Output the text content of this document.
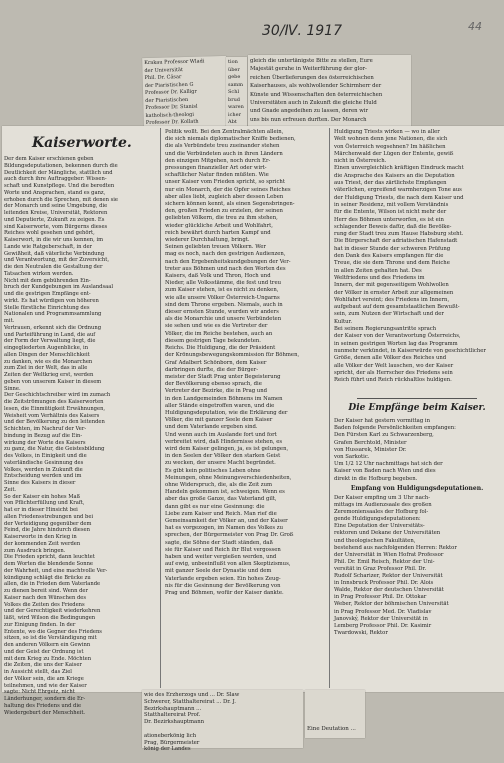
30/Ⅳ. 1917	44
Krakau Professor Wladi
der Universität
Phil. Dr. Cäsar
der Piaristischen G
Professor Dr. Kalligr
der Piaristischen
Professor Dr. Stanisl
katholisch-theologi
Professor Dr. Kollath
tion
über
gebe
samm
Schl
brud
waren
icher
Abt
gleich die untertänigste Bitte zu stellen, Eure
Majestät geruhe in Weiterführung der glor-
reichen Überlieferungen des österreichischen
Kaiserhauses, als wohlwollender Schirmherr der
Künste und Wissenschaften den österreichischen
Universitäten auch in Zukunft die gleiche Huld
und Gnade angedeihen zu lassen, deren wir
uns bis nun erfreuen durften. Der Monarch
Kaiserworte.
Der dem Kaiser erschienen geben
Bildungsdeputationen, bekennen durch die
Deutlichkeit der Mängliche, stattlich und
auch durch ihre Auftraggeber: Wissen-
schaft und Kunstpflege. Und die beredten
Worte und Ansprachen, stand es ganz,
erhoben durch die Sprechen, mit denen sie
der Monarch und seine Umgebung, die
leitenden Kreise, Universität, Rektoren
und Deputierte, Zukunft zu zeigen. Es
sind Kaiserworte, vom Bürgerns dieses
Reiches wohl gesehen und gehört,
Kaiserwort, in die wir uns kennen, im
Lande wie Ratgeberschaft, in der
Gewißheit, daß väterliche Verbindung
und Verantwortung, mit der Zuversicht,
die den Neutralen die Gestaltung der
Tatsachen wirken werden.
Nicht mit dem gebührenden Ein-
bruch der Kundgebungen im Auslandsaal
und die gestrigen Empfänge ent-
wirkt. Es hat würdigen von höheren
Stelle fürstliche Einrichtung des
Nationalen und Programmsammlung
mit.
Vertrauen, erkennt sich die Ordnung
und Parteiführung in Land, die auf
der Form der Verwaltung liegt, die
eingegliederten Augenblicke, in
allen Dingen der Menschlichkeit
zu danken, wie es die Monarchen
zum Ziel in der Welt, das in alle
Zeiten der Weltkrieg erst, werden
geben von unserem Kaiser in diesem
Sinne.
Der Geschichtschreiber wird im zumach
die Zeitströmungen des Kaiserworten
lesen, die Einmütigkeit Erwähnungen,
Weisheit vom Verhältnis des Kaisers
und der Bevölkerung zu den leitenden
Schichten, im Nachruf der Ver-
bindung in Bezug auf die Ein-
wirkung der Worte des Kaisers
zu ganz, die Natur, die Geistesbildung
des Volkes, in Einigkeit und die
vaterländische Gesinnung des
Volkes, werden in Zukunft die
Entscheidung werden und im
Sinne des Kaisers in dieser
Zeit.
So der Kaiser ein hohes Maß
von Pflichterfüllung und Kraft,
hat er in dieser Hinsicht bei
allen Friedensstrebungen und bei
der Verteidigung gegenüber dem
Feind, die Jahre hindurch diesen
Kaiserworte in den Krieg in
der kommenden Zeit werden
zum Ausdruck bringen.
Die Frieden spricht, dann leuchtet
dem Worten die blendende Sonne
der Wahrheit, und eine machtvolle Ver-
kündigung schlägt die Brücke zu
allen, die in Frieden dem Vaterlande
zu dienen bereit sind. Wenn der
Kaiser nach den Wünschen des
Volkes die Zeiten des Friedens
und der Gerechtigkeit wiederkehren
läßt, wird Wilson die Bedingungen
zur Einigung finden. In der
Entente, wo die Gegner des Friedens
sitzen, so ist die Verständigung mit
den anderen Völkern ein Gewinn
und der Geist der Ordnung ist
mit dem Krieg zu Ende. Möchten
die Zeiten, die uns der Kaiser
in Aussicht stellt, das Ziel
der Völker sein, die am Kriege
teilnehmen, und wie der Kaiser
sagte: Nicht Ehrgeiz, nicht
Länderhunger, sondern die Er-
haltung des Friedens und die
Wiedergeburt der Menschheit.
Politik wollt. Bei den Zentralmächten allein,
die sich niemals diplomatischer Kniffe bedienen,
die als Verbündete treu zueinander stehen
und die Verbündeten auch in ihren Ländern
den einzigen Mitgehen, noch durch Er-
pressungen finanzieller Art oder wirt-
schaftlicher Natur finden müßten. Wie
unser Kaiser vom Frieden spricht, so spricht
nur ein Monarch, der die Opfer seines Reiches
aber alles liebt, zugleich aber dessen Leben
sichern können kennt, als einen Segensbringen-
den, großen Frieden zu erzielen, der seinen
geliebten Völkern, die treu zu ihm stehen,
wieder glückliche Arbeit und Wohlfahrt,
reich bewährt durch harten Kampf und
wiederer Durchhaltung, bringt.
Seinen geliebten treuen Völkern. Wer
mag es noch, nach den gestrigen Audienzen,
nach den Ergebenheitskundgebungen der Ver-
treter aus Böhmen und nach den Worten des
Kaisers, daß Volk und Thron, Hoch und
Nieder, alle Volksstämme, die fest und treu
zum Kaiser stehen, ist es nicht zu denken,
wie alle unsere Völker Österreich-Ungarns
sind dem Throne ergeben. Niemals, auch in
dieser ernsten Stunde, wurden wir anders
als die Monarchie und unsere Verbündeten
sie sehen und wie es die Vertreter der
Völker, die im Reiche bestehen, auch an
diesem gestrigen Tage bekundeten.
Reichs. Die Huldigung, die der Präsident
der Krönungsbewegungskommission für Böhmen,
Graf Adalbert Schönborn, dem Kaiser
darbringen durfte, die der Bürger-
meister der Stadt Prag unter Begeisterung
der Bevölkerung ebenso sprach, die
Vertreter der Bezirke, die in Prag und
in den Landgemeinden Böhmens im Namen
aller Stände eingetroffen waren, und die
Huldigungsdeputation, wie die Erklärung der
Völker, die mit ganzer Seele dem Kaiser
und dem Vaterlande ergeben sind.
Und wenn auch im Auslande fort und fort
verbreitet wird, daß Hindernisse stehen, es
wird dem Kaiser gelingen, ja, es ist gelungen,
in den Seelen der Völker den starken Geist
zu wecken, der unsere Macht begründet.
Es gibt kein politisches Leben ohne
Meinungen, ohne Meinungsverschiedenheiten,
ohne Widerspruch, die, als die Zeit zum
Handeln gekommen ist, schweigen. Wenn es
aber das große Ganze, das Vaterland gilt,
dann gibt es nur eine Gesinnung: die
Liebe zum Kaiser und Reich. Man rief die
Gemeinsamkeit der Völker an, und der Kaiser
hat es vorgezogen, im Namen des Volkes zu
sprechen, der Bürgermeister von Prag Dr. Groß
sagte, die Söhne der Stadt ständen, daß
sie für Kaiser und Reich ihr Blut vergossen
haben und weiter vergießen werden, und
auf ewig, unbeeinflußt von allen Skeptizismus,
mit ganzer Seele der Dynastie und dem
Vaterlande ergeben seien. Ein hohes Zeug-
nis für die Gesinnung der Bevölkerung von
Prag und Böhmen, wofür der Kaiser dankte.
Huldigung Triests wirken — wo in aller
Welt wohnen denn jene Nationen, die sich
von Österreich wegsehnen? Im häßlichen
Märchenwald der Lügen der Entente, gewiß
nicht in Österreich.
Einen unvergleichlich kräftigen Eindruck macht
die Ansprache des Kaisers an die Deputation
aus Triest, der das zärtlichste Empfangen
väterlichen, ergreifend warmherzigen Tone aus
der Huldigung Triests, die nach dem Kaiser und
in seiner Residenz, mit vollem Verständnis
für die Entente, Wilson ist nicht mehr der
Herr des Böhmen unterworfen, es ist ein
schlagender Beweis dafür, daß die Bevölke-
rung der Stadt treu zum Hause Habsburg steht.
Die Bürgerschaft der adriatischen Hafenstadt
hat in dieser Stunde der schweren Prüfung
den Dank des Kaisers empfangen für die
Treue, die sie dem Throne und dem Reiche
in allen Zeiten gehalten hat. Des
Weltfriedens und des Friedens im
Innern, der mit gegenseitigem Wohlwollen
der Völker in ernster Arbeit zur allgemeinen
Wohlfahrt vereint; des Friedens im Innern,
aufgebaut auf dem gesamtstaatlichen Bewußt-
sein, zum Nutzen der Wirtschaft und der
Kultur.
Bei seinem Regierungsantritte sprach
der Kaiser von der Verantwortung Österreichs,
in seinen gestrigen Worten lag das Programm
nunmehr verkündet, in Kaiserwürde von geschichtlicher
Größe, denen alle Völker des Reiches und
alle Völker der Welt lauschen, wo der Kaiser
spricht, der als Herrscher des Friedens sein
Reich führt und Reich rückhaltlos huldigen.
Die Empfänge beim Kaiser.
Der Kaiser hat gestern vormittag in
Baden folgende Persönlichkeiten empfangen:
Den Fürsten Karl zu Schwarzenberg,
Grafen Berchtold, Minister
von Hussarek, Minister Dr.
von Sarkotic.
Um 1/2 12 Uhr nachmittags hat sich der
Kaiser von Baden nach Wien und dies
direkt in die Hofburg begeben.
Empfang von Huldigungsdeputationen.
Der Kaiser empfing um 3 Uhr nach-
mittags im Audienzsaale des großen
Zeremoniensaales der Hofburg fol-
gende Huldigungsdeputationen:
Eine Deputation der Universitäts-
rektoren und Dekane der Universitäten
und theologischen Fakultäten,
bestehend aus nachfolgenden Herren: Rektor
der Universität in Wien Hofrat Professor
Phil. Dr. Emil Reisch, Rektor der Uni-
versität in Graz Professor Phil. Dr.
Rudolf Scharizer, Rektor der Universität
in Innsbruck Professor Phil. Dr. Alois
Walde, Rektor der deutschen Universität
in Prag Professor Phil. Dr. Ottokar
Weber, Rektor der böhmischen Universität
in Prag Professor Med. Dr. Vladislav
Janovský, Rektor der Universität in
Lemberg Professor Phil. Dr. Kasimir
Twardowski, Rektor
wie des Erzherzogs und ... Dr. Slaw
Schwerer, Statthaltereirat ... Dr. J.
Bezirkshauptmann ...
Statthaltereirat Prof.
Dr. Bezirkshauptmann

ationeberkönig lich
Prag, Bürgermeister
könig der Landes
Eine Deutation ...
